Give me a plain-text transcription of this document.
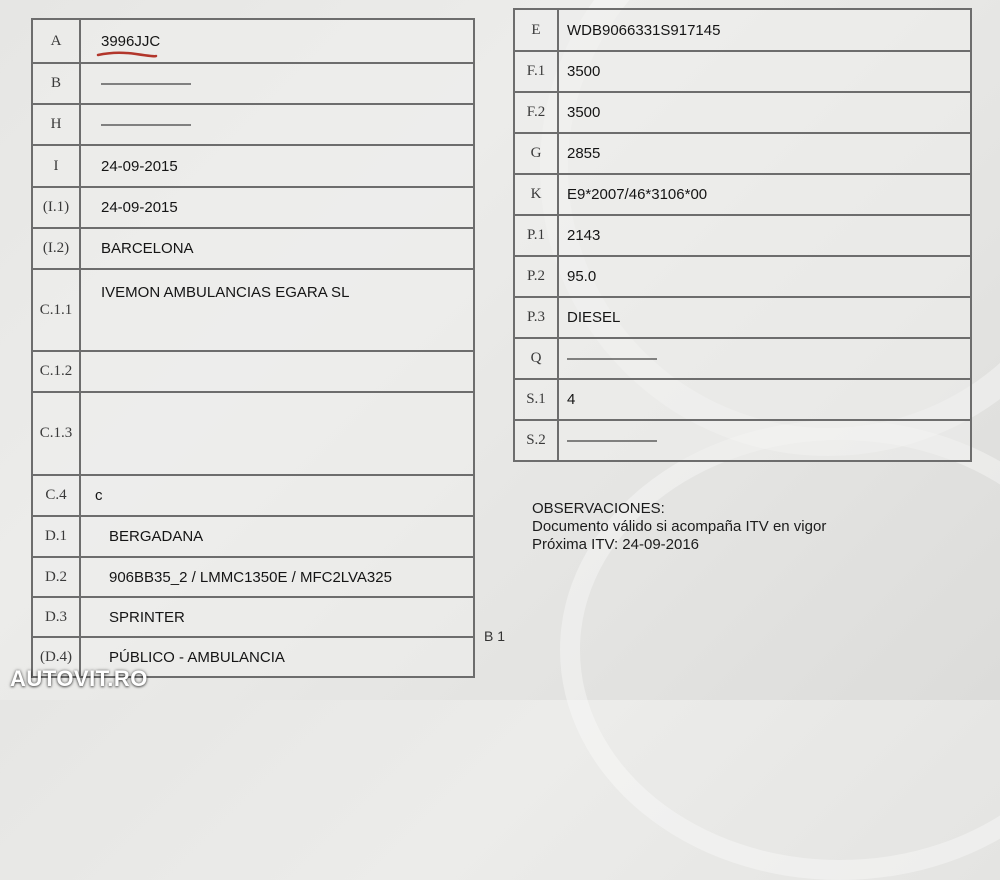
A	3996JJC
B	——————
H	——————
I	24-09-2015
(I.1)	24-09-2015
(I.2)	BARCELONA
C.1.1	IVEMON AMBULANCIAS EGARA SL
C.1.2	
C.1.3	
C.4	c
D.1	BERGADANA
D.2	906BB35_2 / LMMC1350E / MFC2LVA325
D.3	SPRINTER
(D.4)	PÚBLICO - AMBULANCIA
E	WDB9066331S917145
F.1	3500
F.2	3500
G	2855
K	E9*2007/46*3106*00
P.1	2143
P.2	95.0
P.3	DIESEL
Q	——————
S.1	4
S.2	——————
OBSERVACIONES:
Documento válido si acompaña ITV en vigor
Próxima ITV: 24-09-2016
B 1
AUTOVIT.RO
